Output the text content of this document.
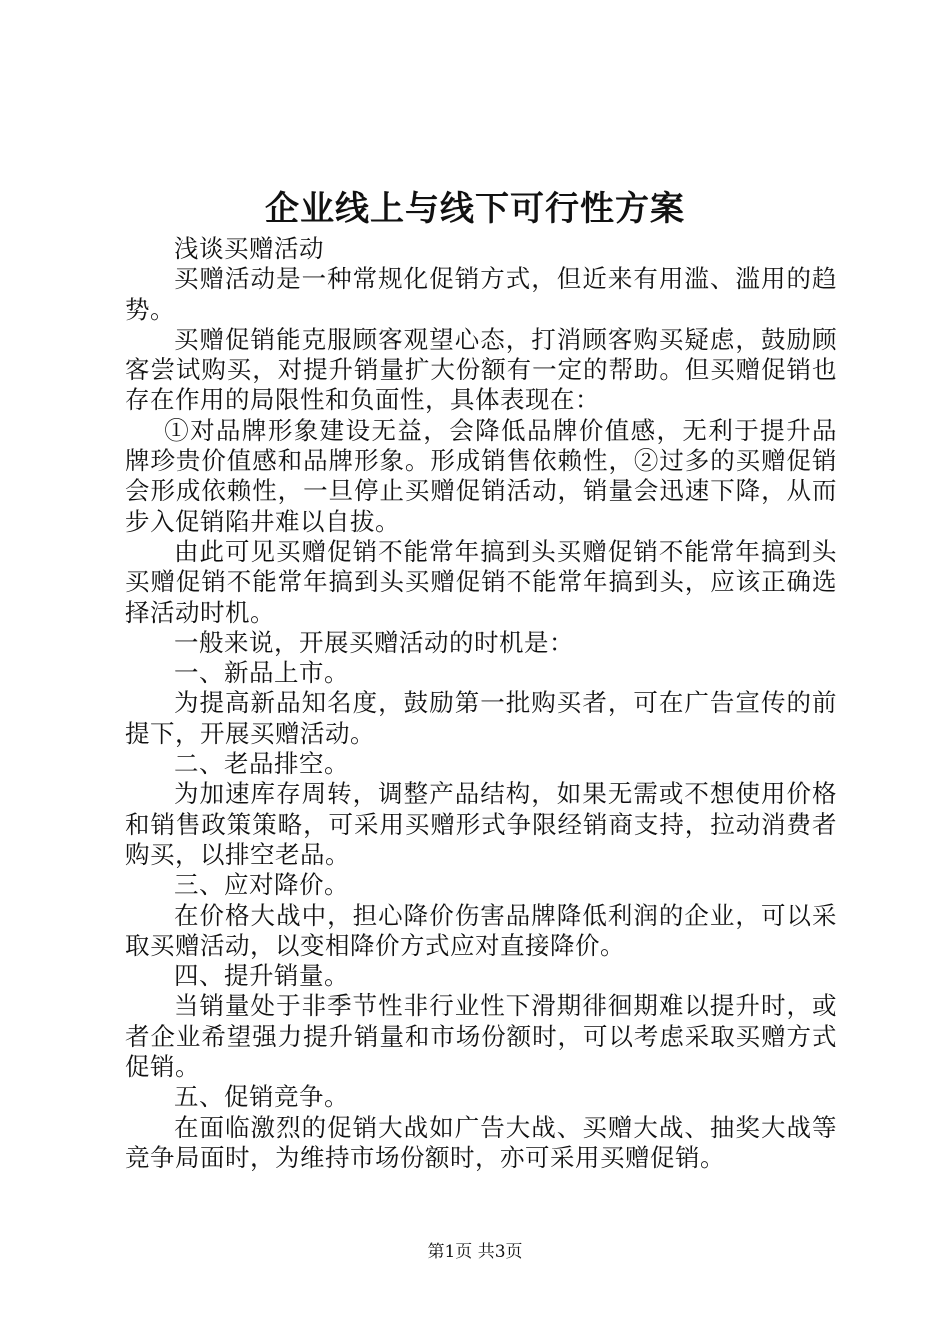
企业线上与线下可行性方案

浅谈买赠活动

买赠活动是一种常规化促销方式，但近来有用滥、滥用的趋势。

买赠促销能克服顾客观望心态，打消顾客购买疑虑，鼓励顾客尝试购买，对提升销量扩大份额有一定的帮助。但买赠促销也存在作用的局限性和负面性，具体表现在：

①对品牌形象建设无益，会降低品牌价值感，无利于提升品牌珍贵价值感和品牌形象。形成销售依赖性，②过多的买赠促销会形成依赖性，一旦停止买赠促销活动，销量会迅速下降，从而步入促销陷井难以自拔。

由此可见买赠促销不能常年搞到头买赠促销不能常年搞到头买赠促销不能常年搞到头买赠促销不能常年搞到头，应该正确选择活动时机。

一般来说，开展买赠活动的时机是：

一、新品上市。

为提高新品知名度，鼓励第一批购买者，可在广告宣传的前提下，开展买赠活动。

二、老品排空。

为加速库存周转，调整产品结构，如果无需或不想使用价格和销售政策策略，可采用买赠形式争限经销商支持，拉动消费者购买，以排空老品。

三、应对降价。

在价格大战中，担心降价伤害品牌降低利润的企业，可以采取买赠活动，以变相降价方式应对直接降价。

四、提升销量。

当销量处于非季节性非行业性下滑期徘徊期难以提升时，或者企业希望强力提升销量和市场份额时，可以考虑采取买赠方式促销。

五、促销竞争。

在面临激烈的促销大战如广告大战、买赠大战、抽奖大战等竞争局面时，为维持市场份额时，亦可采用买赠促销。

第1页 共3页
